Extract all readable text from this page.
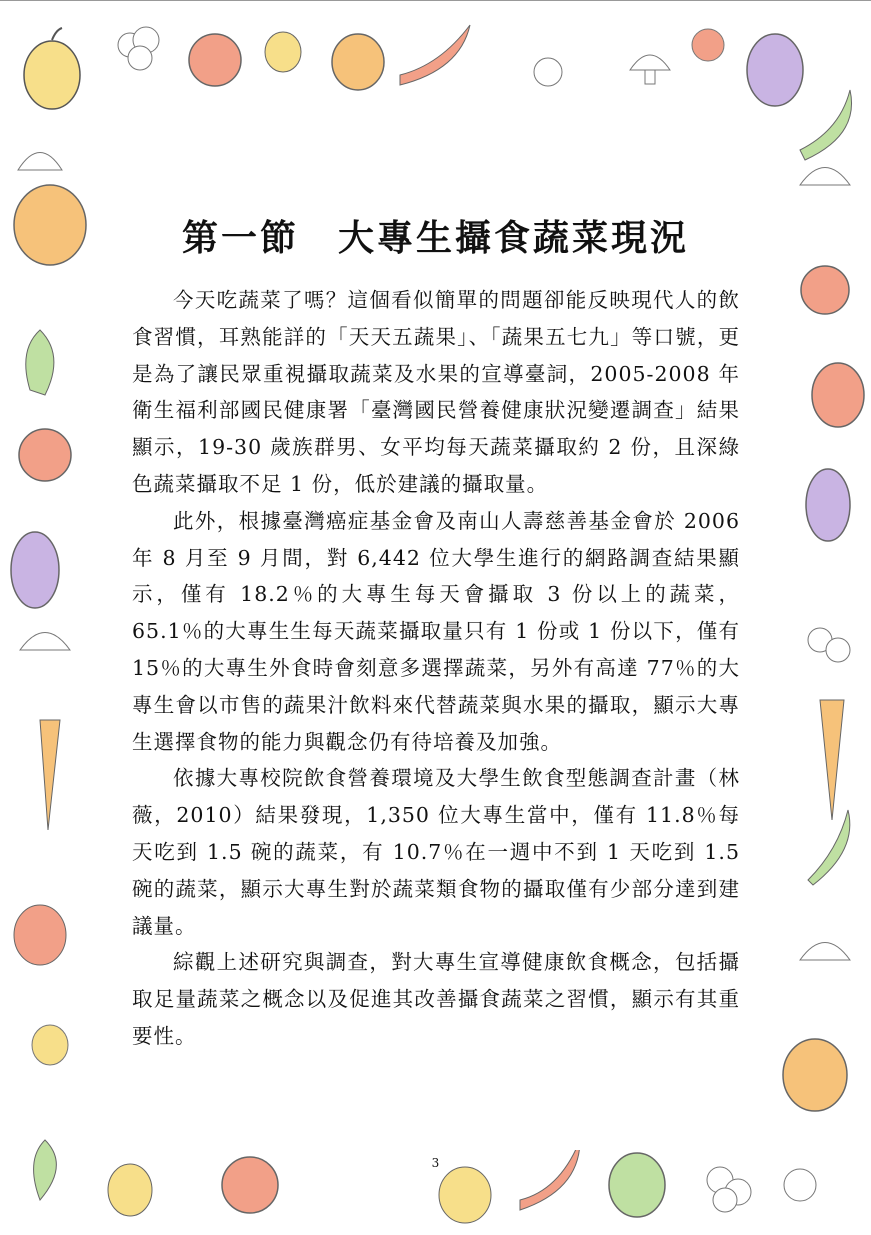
第一節　大專生攝食蔬菜現況

今天吃蔬菜了嗎？這個看似簡單的問題卻能反映現代人的飲食習慣，耳熟能詳的「天天五蔬果」、「蔬果五七九」等口號，更是為了讓民眾重視攝取蔬菜及水果的宣導臺詞，2005-2008 年衛生福利部國民健康署「臺灣國民營養健康狀況變遷調查」結果顯示，19-30 歲族群男、女平均每天蔬菜攝取約 2 份，且深綠色蔬菜攝取不足 1 份，低於建議的攝取量。

此外，根據臺灣癌症基金會及南山人壽慈善基金會於 2006 年 8 月至 9 月間，對 6,442 位大學生進行的網路調查結果顯示，僅有 18.2％的大專生每天會攝取 3 份以上的蔬菜，65.1％的大專生生每天蔬菜攝取量只有 1 份或 1 份以下，僅有 15％的大專生外食時會刻意多選擇蔬菜，另外有高達 77％的大專生會以市售的蔬果汁飲料來代替蔬菜與水果的攝取，顯示大專生選擇食物的能力與觀念仍有待培養及加強。

依據大專校院飲食營養環境及大學生飲食型態調查計畫（林薇，2010）結果發現，1,350 位大專生當中，僅有 11.8％每天吃到 1.5 碗的蔬菜，有 10.7％在一週中不到 1 天吃到 1.5 碗的蔬菜，顯示大專生對於蔬菜類食物的攝取僅有少部分達到建議量。

綜觀上述研究與調查，對大專生宣導健康飲食概念，包括攝取足量蔬菜之概念以及促進其改善攝食蔬菜之習慣，顯示有其重要性。

3
